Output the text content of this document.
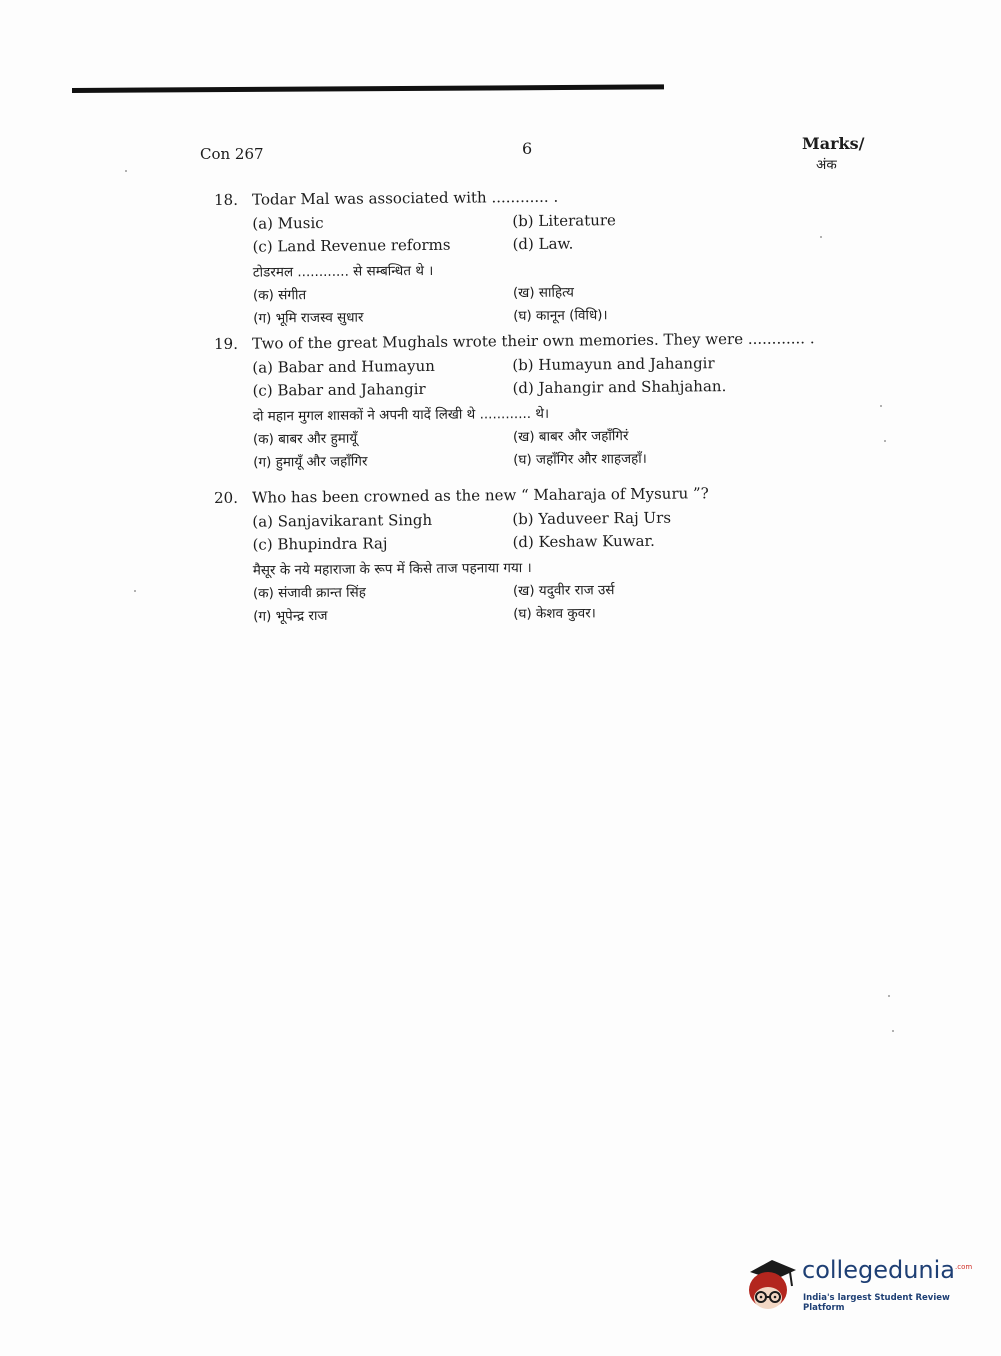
Con 267	6	Marks/
अंक
18. Todar Mal was associated with ............ .
(a) Music	(b) Literature
(c) Land Revenue reforms	(d) Law.
टोडरमल ............ से सम्बन्धित थे ।
(क) संगीत	(ख) साहित्य
(ग) भूमि राजस्व सुधार	(घ) कानून (विधि)।
19. Two of the great Mughals wrote their own memories. They were ............ .
(a) Babar and Humayun	(b) Humayun and Jahangir
(c) Babar and Jahangir	(d) Jahangir and Shahjahan.
दो महान मुगल शासकों ने अपनी यादें लिखी थे ............ थे।
(क) बाबर और हुमायूँ	(ख) बाबर और जहाँगिरं
(ग) हुमायूँ और जहाँगिर	(घ) जहाँगिर और शाहजहाँ।
20. Who has been crowned as the new “ Maharaja of Mysuru ”?
(a) Sanjavikarant Singh	(b) Yaduveer Raj Urs
(c) Bhupindra Raj	(d) Keshaw Kuwar.
मैसूर के नये महाराजा के रूप में किसे ताज पहनाया गया ।
(क) संजावी क्रान्त सिंह	(ख) यदुवीर राज उर्स
(ग) भूपेन्द्र राज	(घ) केशव कुवर।
collegedunia$^{.com}$
India's largest Student Review Platform
